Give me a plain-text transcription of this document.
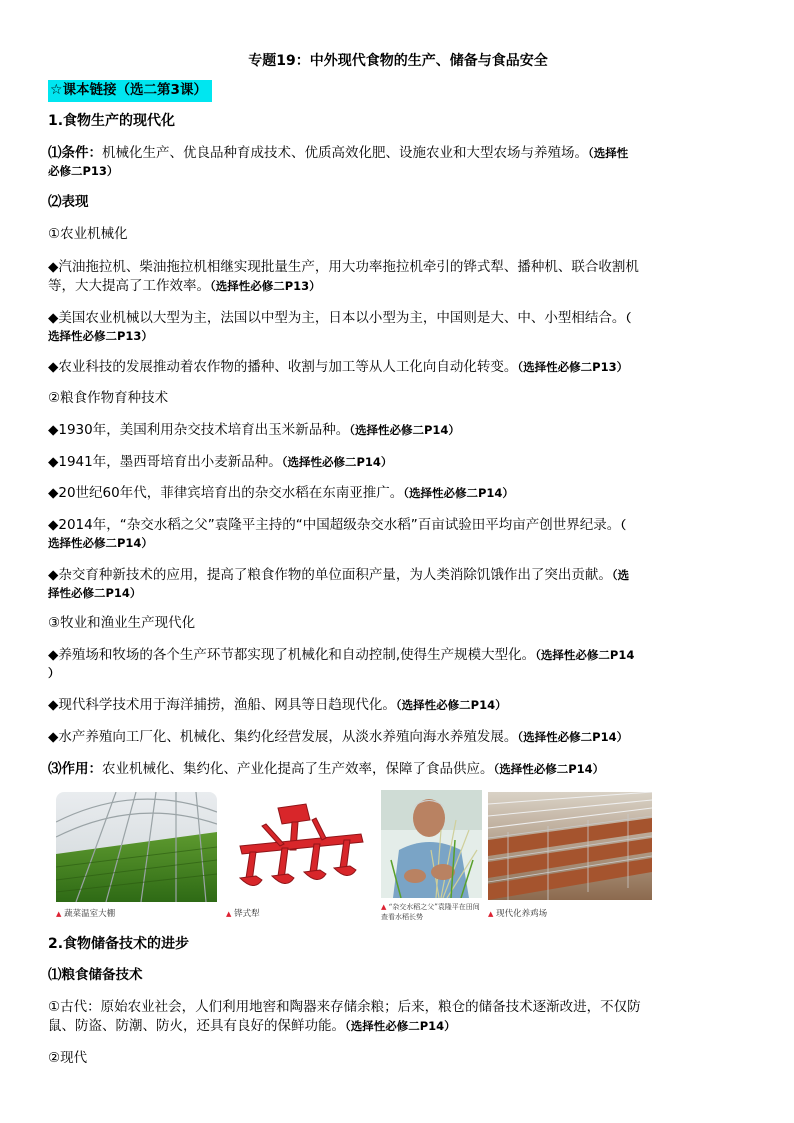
专题19：中外现代食物的生产、储备与食品安全
☆课本链接（选二第3课）
1.食物生产的现代化
⑴条件：机械化生产、优良品种育成技术、优质高效化肥、设施农业和大型农场与养殖场。（选择性
必修二P13）
⑵表现
①农业机械化
◆汽油拖拉机、柴油拖拉机相继实现批量生产，用大功率拖拉机牵引的铧式犁、播种机、联合收割机
等，大大提高了工作效率。（选择性必修二P13）
◆美国农业机械以大型为主，法国以中型为主，日本以小型为主，中国则是大、中、小型相结合。（
选择性必修二P13）
◆农业科技的发展推动着农作物的播种、收割与加工等从人工化向自动化转变。（选择性必修二P13）
②粮食作物育种技术
◆1930年，美国利用杂交技术培育出玉米新品种。（选择性必修二P14）
◆1941年，墨西哥培育出小麦新品种。（选择性必修二P14）
◆20世纪60年代，菲律宾培育出的杂交水稻在东南亚推广。（选择性必修二P14）
◆2014年，“杂交水稻之父”袁隆平主持的“中国超级杂交水稻”百亩试验田平均亩产创世界纪录。（
选择性必修二P14）
◆杂交育种新技术的应用，提高了粮食作物的单位面积产量，为人类消除饥饿作出了突出贡献。（选
择性必修二P14）
③牧业和渔业生产现代化
◆养殖场和牧场的各个生产环节都实现了机械化和自动控制,使得生产规模大型化。（选择性必修二P14
）
◆现代科学技术用于海洋捕捞，渔船、网具等日趋现代化。（选择性必修二P14）
◆水产养殖向工厂化、机械化、集约化经营发展，从淡水养殖向海水养殖发展。（选择性必修二P14）
⑶作用：农业机械化、集约化、产业化提高了生产效率，保障了食品供应。（选择性必修二P14）
▲ 蔬菜温室大棚	▲ 铧式犁
▲ “杂交水稻之父”袁隆平在田间
查看水稻长势	▲ 现代化养鸡场
2.食物储备技术的进步
⑴粮食储备技术
①古代：原始农业社会，人们利用地窖和陶器来存储余粮；后来，粮仓的储备技术逐渐改进，不仅防
鼠、防盗、防潮、防火，还具有良好的保鲜功能。（选择性必修二P14）
②现代
